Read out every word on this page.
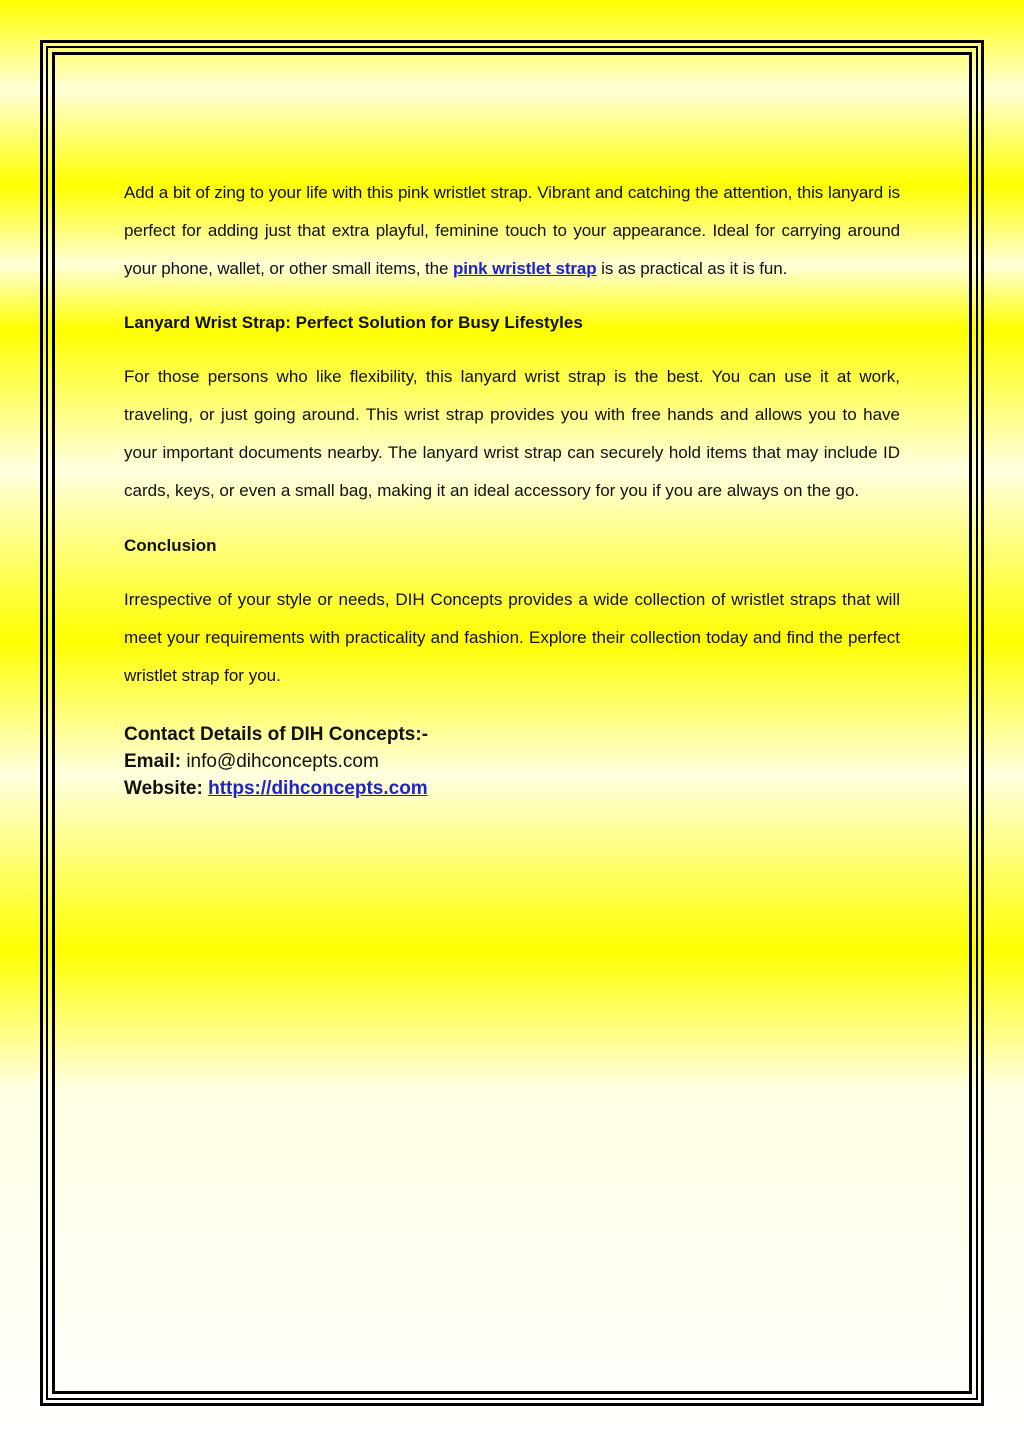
Add a bit of zing to your life with this pink wristlet strap. Vibrant and catching the attention, this lanyard is perfect for adding just that extra playful, feminine touch to your appearance. Ideal for carrying around your phone, wallet, or other small items, the pink wristlet strap is as practical as it is fun.

Lanyard Wrist Strap: Perfect Solution for Busy Lifestyles

For those persons who like flexibility, this lanyard wrist strap is the best. You can use it at work, traveling, or just going around. This wrist strap provides you with free hands and allows you to have your important documents nearby. The lanyard wrist strap can securely hold items that may include ID cards, keys, or even a small bag, making it an ideal accessory for you if you are always on the go.

Conclusion

Irrespective of your style or needs, DIH Concepts provides a wide collection of wristlet straps that will meet your requirements with practicality and fashion. Explore their collection today and find the perfect wristlet strap for you.

Contact Details of DIH Concepts:-
Email: info@dihconcepts.com
Website: https://dihconcepts.com
